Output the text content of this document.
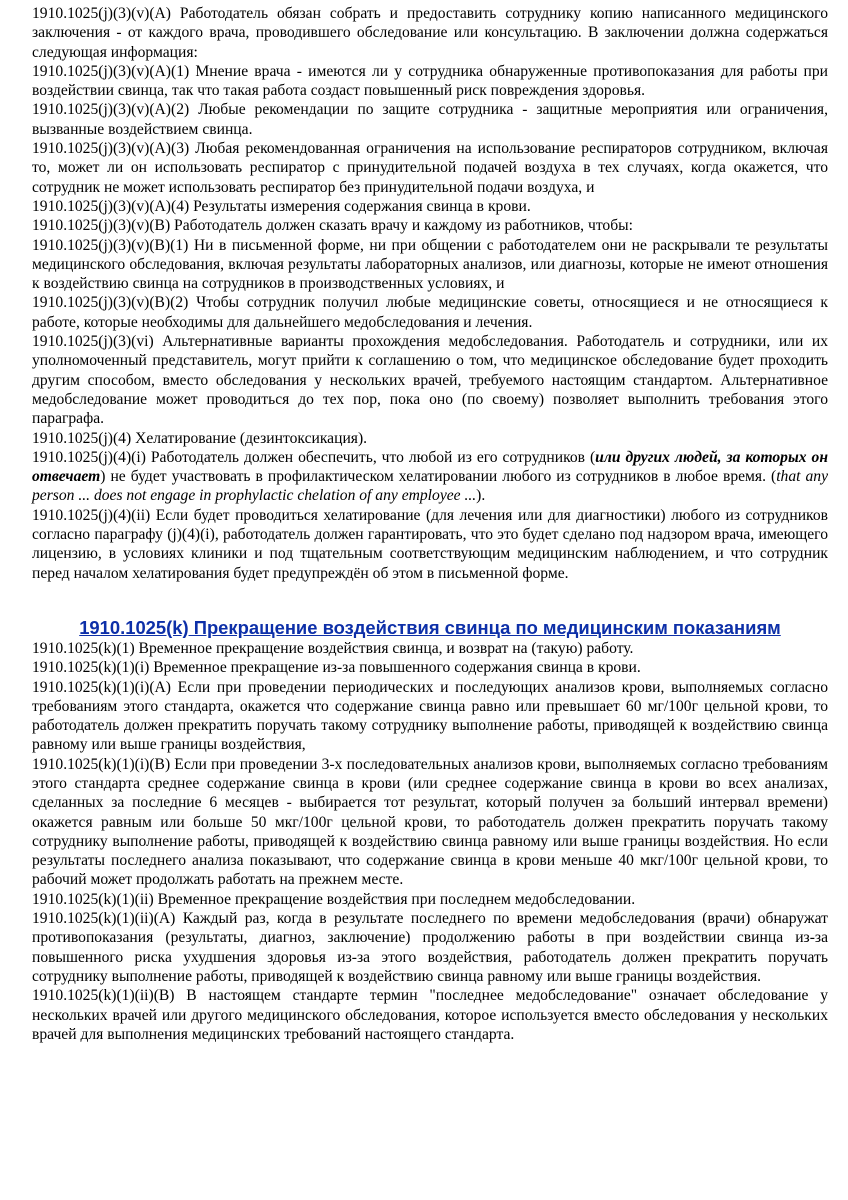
1910.1025(j)(3)(v)(A) Работодатель обязан собрать и предоставить сотруднику копию написанного медицинского заключения - от каждого врача, проводившего обследование или консультацию. В заключении должна содержаться следующая информация:

1910.1025(j)(3)(v)(A)(1) Мнение врача - имеются ли у сотрудника обнаруженные противопоказания для работы при воздействии свинца, так что такая работа создаст повышенный риск повреждения здоровья.

1910.1025(j)(3)(v)(A)(2) Любые рекомендации по защите сотрудника - защитные мероприятия или ограничения, вызванные воздействием свинца.

1910.1025(j)(3)(v)(A)(3) Любая рекомендованная ограничения на использование респираторов сотрудником, включая то, может ли он использовать респиратор с принудительной подачей воздуха в тех случаях, когда окажется, что сотрудник не может использовать респиратор без принудительной подачи воздуха, и

1910.1025(j)(3)(v)(A)(4) Результаты измерения содержания свинца в крови.

1910.1025(j)(3)(v)(B) Работодатель должен сказать врачу и каждому из работников, чтобы:

1910.1025(j)(3)(v)(B)(1) Ни в письменной форме, ни при общении с работодателем они не раскрывали те результаты медицинского обследования, включая результаты лабораторных анализов, или диагнозы, которые не имеют отношения к воздействию свинца на сотрудников в производственных условиях, и

1910.1025(j)(3)(v)(B)(2) Чтобы сотрудник получил любые медицинские советы, относящиеся и не относящиеся к работе, которые необходимы для дальнейшего медобследования и лечения.

1910.1025(j)(3)(vi) Альтернативные варианты прохождения медобследования. Работодатель и сотрудники, или их уполномоченный представитель, могут прийти к соглашению о том, что медицинское обследование будет проходить другим способом, вместо обследования у нескольких врачей, требуемого настоящим стандартом. Альтернативное медобследование может проводиться до тех пор, пока оно (по своему) позволяет выполнить требования этого параграфа.

1910.1025(j)(4) Хелатирование (дезинтоксикация).

1910.1025(j)(4)(i) Работодатель должен обеспечить, что любой из его сотрудников (или других людей, за которых он отвечает) не будет участвовать в профилактическом хелатировании любого из сотрудников в любое время. (that any person ... does not engage in prophylactic chelation of any employee ...).

1910.1025(j)(4)(ii) Если будет проводиться хелатирование (для лечения или для диагностики) любого из сотрудников согласно параграфу (j)(4)(i), работодатель должен гарантировать, что это будет сделано под надзором врача, имеющего лицензию, в условиях клиники и под тщательным соответствующим медицинским наблюдением, и что сотрудник перед началом хелатирования будет предупреждён об этом в письменной форме.

1910.1025(k) Прекращение воздействия свинца по медицинским показаниям

1910.1025(k)(1) Временное прекращение воздействия свинца, и возврат на (такую) работу.

1910.1025(k)(1)(i) Временное прекращение из-за повышенного содержания свинца в крови.

1910.1025(k)(1)(i)(A) Если при проведении периодических и последующих анализов крови, выполняемых согласно требованиям этого стандарта, окажется что содержание свинца равно или превышает 60 мг/100г цельной крови, то работодатель должен прекратить поручать такому сотруднику выполнение работы, приводящей к воздействию свинца равному или выше границы воздействия,

1910.1025(k)(1)(i)(B) Если при проведении 3-х последовательных анализов крови, выполняемых согласно требованиям этого стандарта среднее содержание свинца в крови (или среднее содержание свинца в крови во всех анализах, сделанных за последние 6 месяцев - выбирается тот результат, который получен за больший интервал времени) окажется равным или больше 50 мкг/100г цельной крови, то работодатель должен прекратить поручать такому сотруднику выполнение работы, приводящей к воздействию свинца равному или выше границы воздействия. Но если результаты последнего анализа показывают, что содержание свинца в крови меньше 40 мкг/100г цельной крови, то рабочий может продолжать работать на прежнем месте.

1910.1025(k)(1)(ii) Временное прекращение воздействия при последнем медобследовании.

1910.1025(k)(1)(ii)(A) Каждый раз, когда в результате последнего по времени медобследования (врачи) обнаружат противопоказания (результаты, диагноз, заключение) продолжению работы в при воздействии свинца из-за повышенного риска ухудшения здоровья из-за этого воздействия, работодатель должен прекратить поручать сотруднику выполнение работы, приводящей к воздействию свинца равному или выше границы воздействия.

1910.1025(k)(1)(ii)(B) В настоящем стандарте термин "последнее медобследование" означает обследование у нескольких врачей или другого медицинского обследования, которое используется вместо обследования у нескольких врачей для выполнения медицинских требований настоящего стандарта.
